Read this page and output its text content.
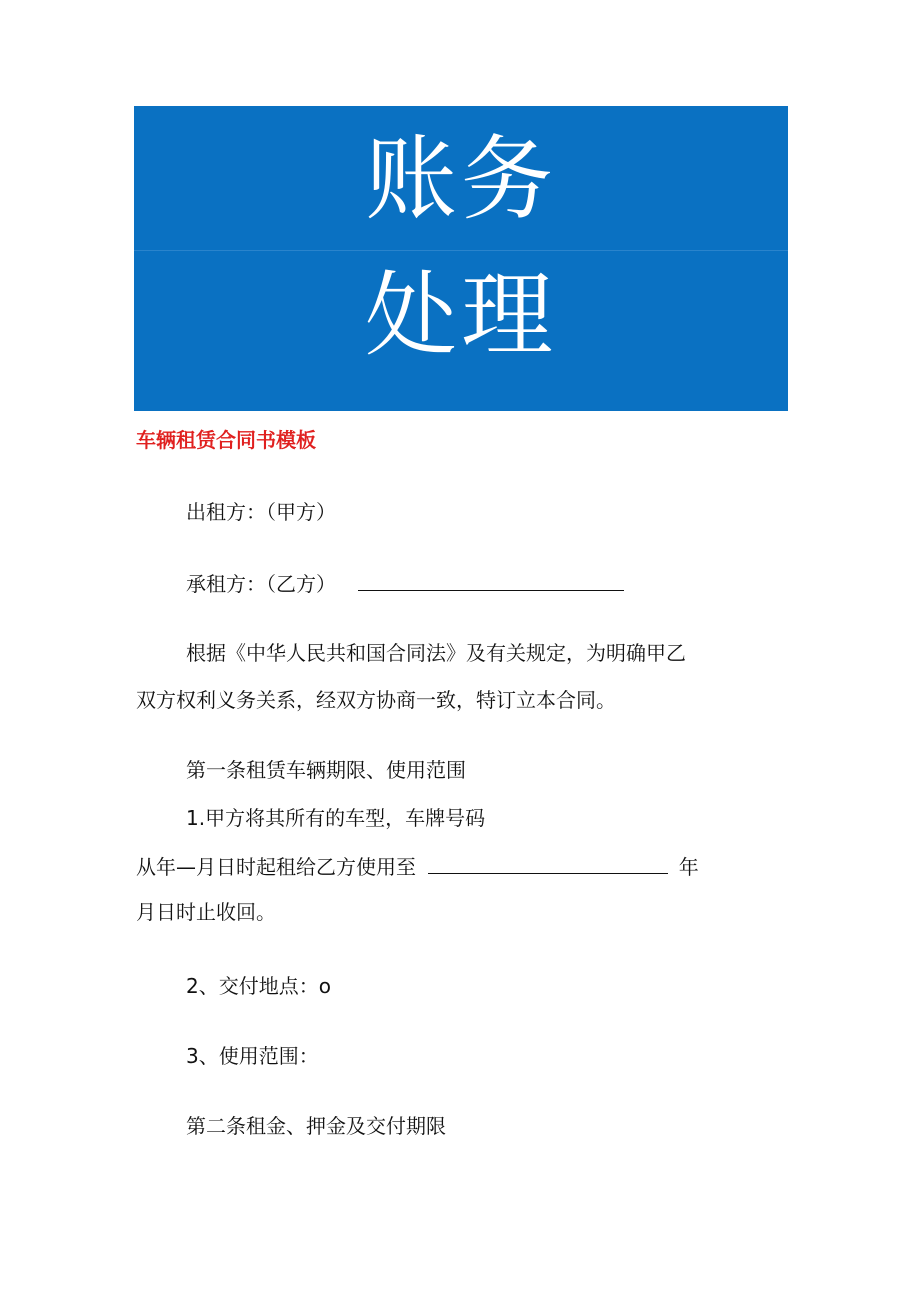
账务
处理
车辆租赁合同书模板
出租方：（甲方）
承租方：（乙方）
根据《中华人民共和国合同法》及有关规定，为明确甲乙
双方权利义务关系，经双方协商一致，特订立本合同。
第一条租赁车辆期限、使用范围
1.甲方将其所有的车型，车牌号码
从年—月日时起租给乙方使用至	年
月日时止收回。
2、交付地点：o
3、使用范围：
第二条租金、押金及交付期限
